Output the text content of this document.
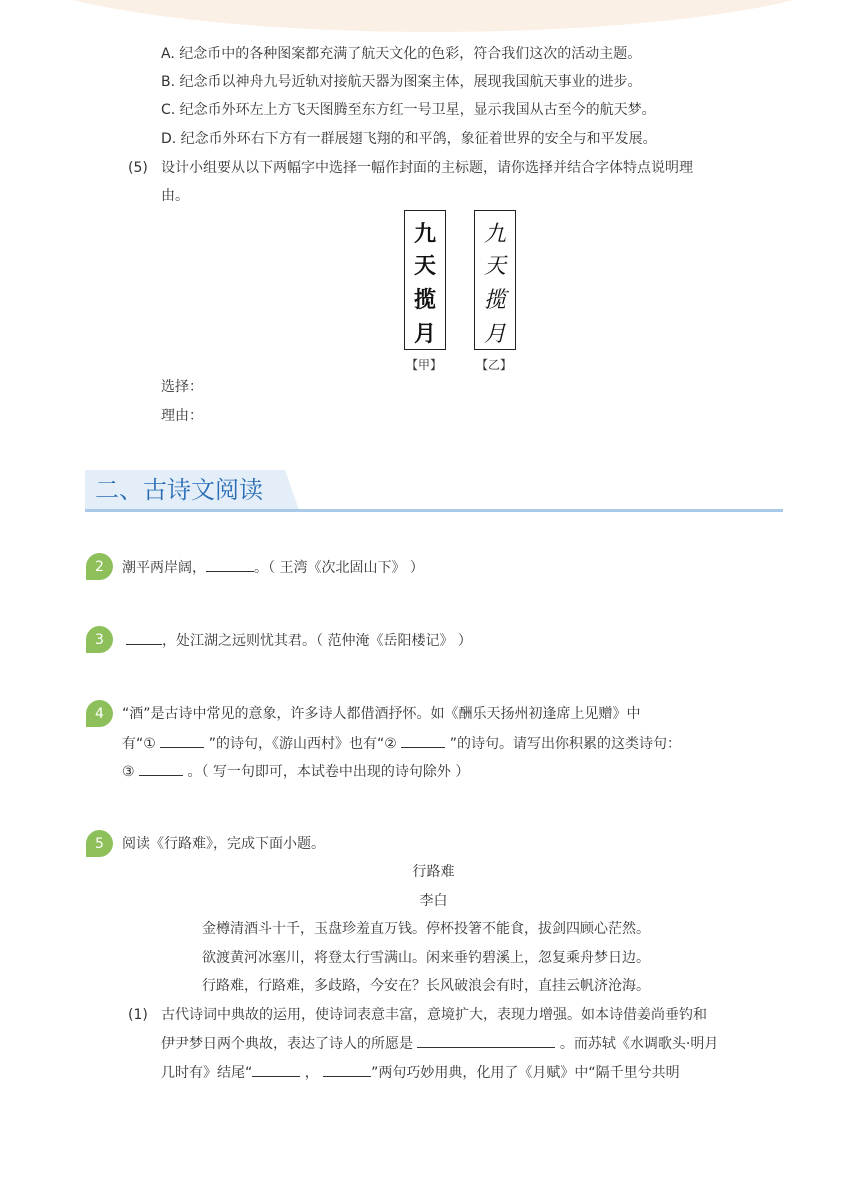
A. 纪念币中的各种图案都充满了航天文化的色彩，符合我们这次的活动主题。
B. 纪念币以神舟九号近轨对接航天器为图案主体，展现我国航天事业的进步。
C. 纪念币外环左上方飞天图腾至东方红一号卫星，显示我国从古至今的航天梦。
D. 纪念币外环右下方有一群展翅飞翔的和平鸽，象征着世界的安全与和平发展。
(5) 设计小组要从以下两幅字中选择一幅作封面的主标题，请你选择并结合字体特点说明理
由。
九
天
揽
月
九
天
揽
月
【甲】	【乙】
选择：
理由：
二、古诗文阅读
2	潮平两岸阔，	。（ 王湾《次北固山下》 ）
3	，处江湖之远则忧其君。（ 范仲淹《岳阳楼记》 ）
4	“酒”是古诗中常见的意象，许多诗人都借酒抒怀。如《酬乐天扬州初逢席上见赠》中
有“①	”的诗句，《游山西村》也有“②	”的诗句。请写出你积累的这类诗句：
③	。（ 写一句即可，本试卷中出现的诗句除外 ）
5	阅读《行路难》，完成下面小题。
行路难
李白
金樽清酒斗十千，玉盘珍羞直万钱。停杯投箸不能食，拔剑四顾心茫然。
欲渡黄河冰塞川，将登太行雪满山。闲来垂钓碧溪上，忽复乘舟梦日边。
行路难，行路难，多歧路，今安在？长风破浪会有时，直挂云帆济沧海。
(1) 古代诗词中典故的运用，使诗词表意丰富，意境扩大，表现力增强。如本诗借姜尚垂钓和
伊尹梦日两个典故，表达了诗人的所愿是	。而苏轼《水调歌头·明月
几时有》结尾“	，	”两句巧妙用典，化用了《月赋》中“隔千里兮共明
